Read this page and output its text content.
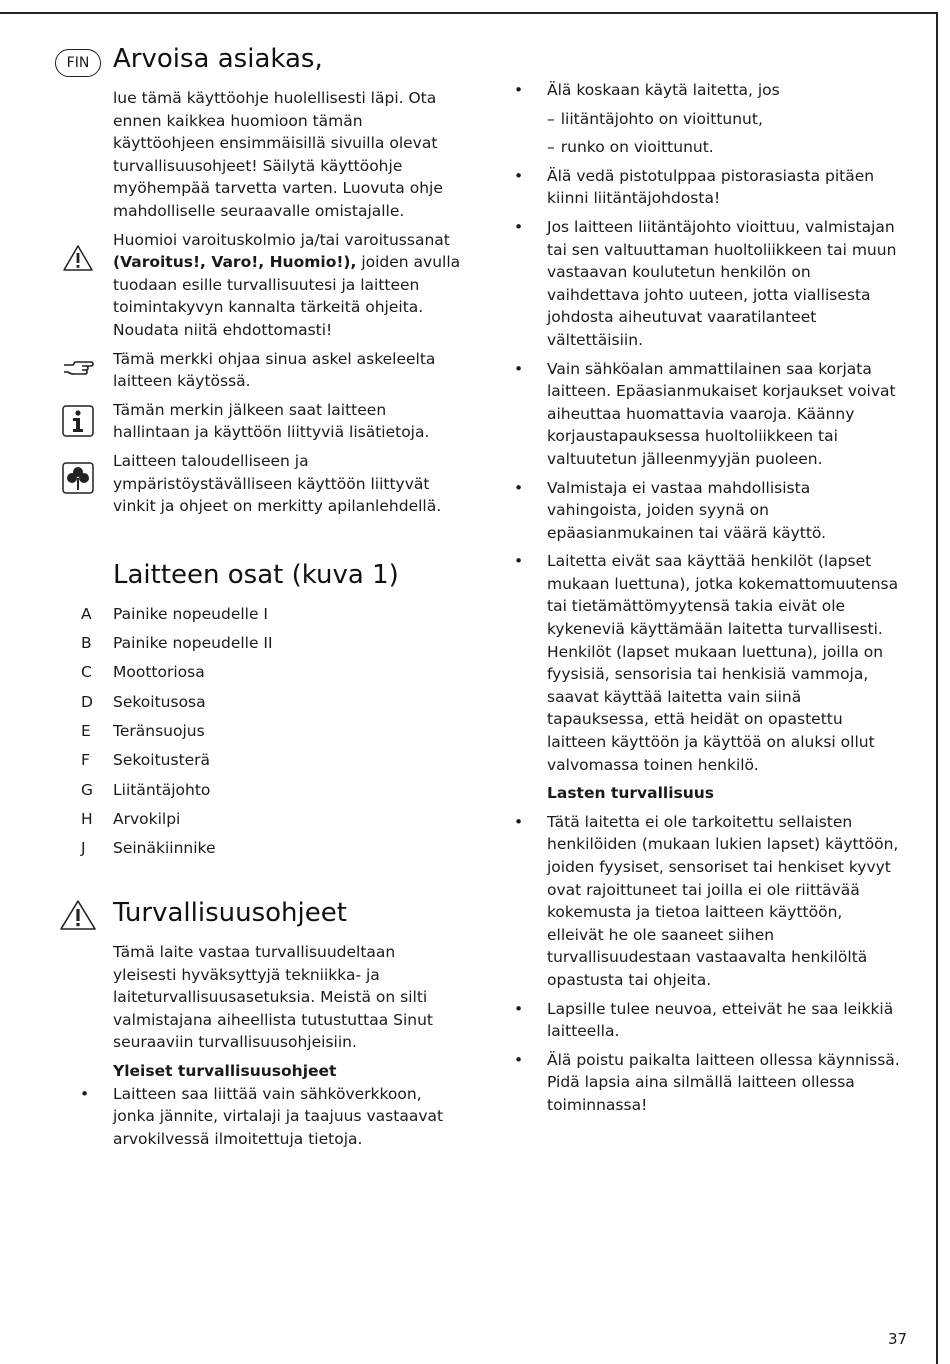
FIN Arvoisa asiakas,

lue tämä käyttöohje huolellisesti läpi. Ota ennen kaikkea huomioon tämän käyttöohjeen ensimmäisillä sivuilla olevat turvallisuusohjeet! Säilytä käyttöohje myöhempää tarvetta varten. Luovuta ohje mahdolliselle seuraavalle omistajalle.

Huomioi varoituskolmio ja/tai varoitussanat (Varoitus!, Varo!, Huomio!), joiden avulla tuodaan esille turvallisuutesi ja laitteen toimintakyvyn kannalta tärkeitä ohjeita. Noudata niitä ehdottomasti!

Tämä merkki ohjaa sinua askel askeleelta laitteen käytössä.

Tämän merkin jälkeen saat laitteen hallintaan ja käyttöön liittyviä lisätietoja.

Laitteen taloudelliseen ja ympäristöystävälliseen käyttöön liittyvät vinkit ja ohjeet on merkitty apilanlehdellä.

Laitteen osat (kuva 1)
A Painike nopeudelle I
B Painike nopeudelle II
C Moottoriosa
D Sekoitusosa
E Teränsuojus
F Sekoitusterä
G Liitäntäjohto
H Arvokilpi
J Seinäkiinnike
Turvallisuusohjeet

Tämä laite vastaa turvallisuudeltaan yleisesti hyväksyttyjä tekniikka- ja laiteturvallisuusasetuksia. Meistä on silti valmistajana aiheellista tutustuttaa Sinut seuraaviin turvallisuusohjeisiin.

Yleiset turvallisuusohjeet

• Laitteen saa liittää vain sähköverkkoon, jonka jännite, virtalaji ja taajuus vastaavat arvokilvessä ilmoitettuja tietoja.

• Älä koskaan käytä laitetta, jos

– liitäntäjohto on vioittunut,

– runko on vioittunut.

• Älä vedä pistotulppaa pistorasiasta pitäen kiinni liitäntäjohdosta!
• Jos laitteen liitäntäjohto vioittuu, valmistajan tai sen valtuuttaman huoltoliikkeen tai muun vastaavan koulutetun henkilön on vaihdettava johto uuteen, jotta viallisesta johdosta aiheutuvat vaaratilanteet vältettäisiin.
• Vain sähköalan ammattilainen saa korjata laitteen. Epäasianmukaiset korjaukset voivat aiheuttaa huomattavia vaaroja. Käänny korjaustapauksessa huoltoliikkeen tai valtuutetun jälleenmyyjän puoleen.
• Valmistaja ei vastaa mahdollisista vahingoista, joiden syynä on epäasianmukainen tai väärä käyttö.
• Laitetta eivät saa käyttää henkilöt (lapset mukaan luettuna), jotka kokemattomuutensa tai tietämättömyytensä takia eivät ole kykeneviä käyttämään laitetta turvallisesti. Henkilöt (lapset mukaan luettuna), joilla on fyysisiä, sensorisia tai henkisiä vammoja, saavat käyttää laitetta vain siinä tapauksessa, että heidät on opastettu laitteen käyttöön ja käyttöä on aluksi ollut valvomassa toinen henkilö.

Lasten turvallisuus

• Tätä laitetta ei ole tarkoitettu sellaisten henkilöiden (mukaan lukien lapset) käyttöön, joiden fyysiset, sensoriset tai henkiset kyvyt ovat rajoittuneet tai joilla ei ole riittävää kokemusta ja tietoa laitteen käyttöön, elleivät he ole saaneet siihen turvallisuudestaan vastaavalta henkilöltä opastusta tai ohjeita.
• Lapsille tulee neuvoa, etteivät he saa leikkiä laitteella.
• Älä poistu paikalta laitteen ollessa käynnissä. Pidä lapsia aina silmällä laitteen ollessa toiminnassa!
37
